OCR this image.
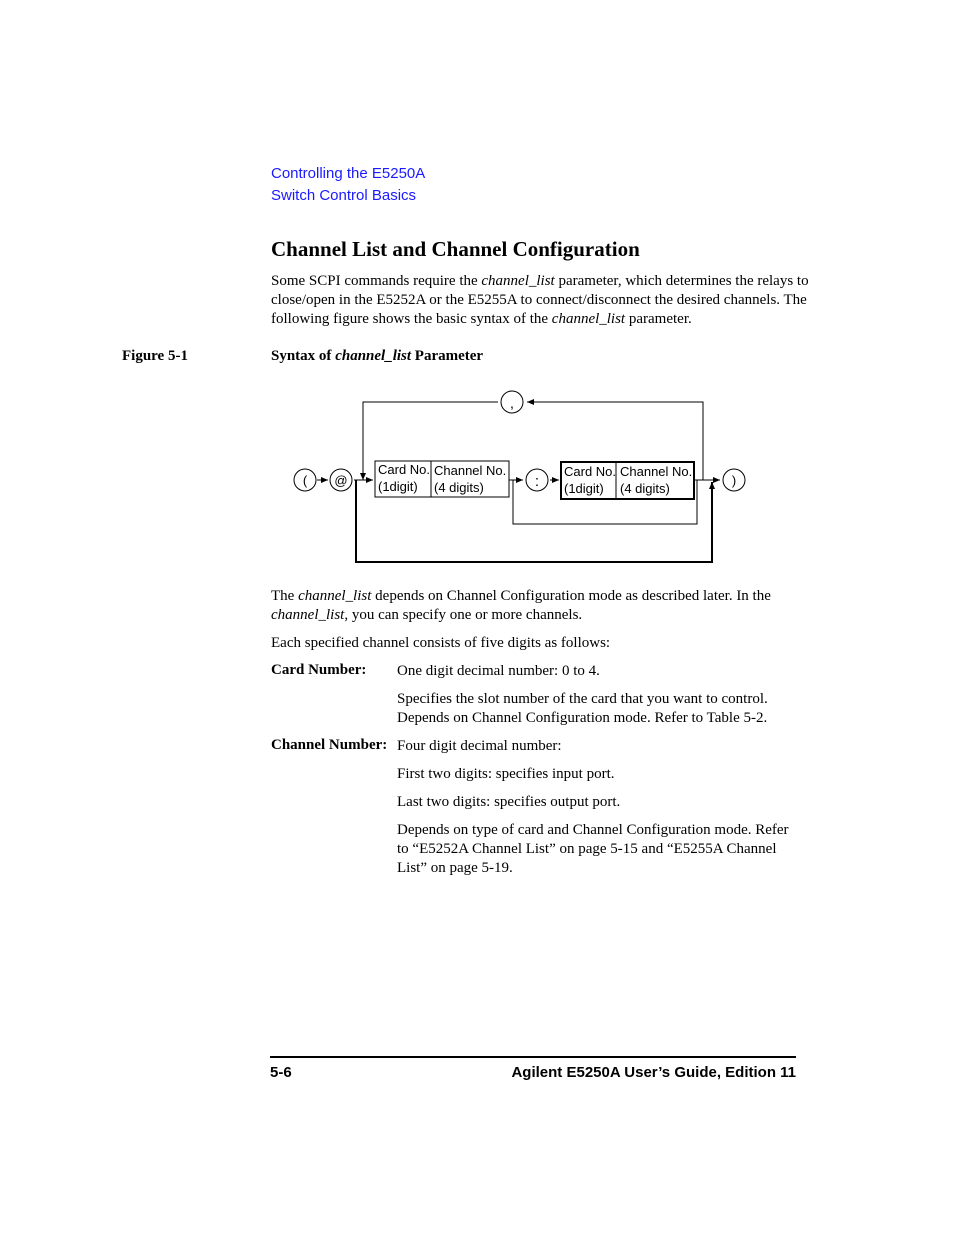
Controlling the E5250A
Switch Control Basics
Channel List and Channel Configuration
Some SCPI commands require the channel_list parameter, which determines the relays to close/open in the E5252A or the E5255A to connect/disconnect the desired channels. The following figure shows the basic syntax of the channel_list parameter.
Figure 5-1	Syntax of channel_list Parameter
( @
,
:	)
Card No.
(1digit)
Channel No.
(4 digits)
Card No.
(1digit)
Channel No.
(4 digits)
The channel_list depends on Channel Configuration mode as described later. In the channel_list, you can specify one or more channels.
Each specified channel consists of five digits as follows:
Card Number: One digit decimal number: 0 to 4.
Specifies the slot number of the card that you want to control. Depends on Channel Configuration mode. Refer to Table 5-2.
Channel Number: Four digit decimal number:
First two digits: specifies input port.
Last two digits: specifies output port.
Depends on type of card and Channel Configuration mode. Refer to “E5252A Channel List” on page 5-15 and “E5255A Channel List” on page 5-19.
5-6	Agilent E5250A User’s Guide, Edition 11
